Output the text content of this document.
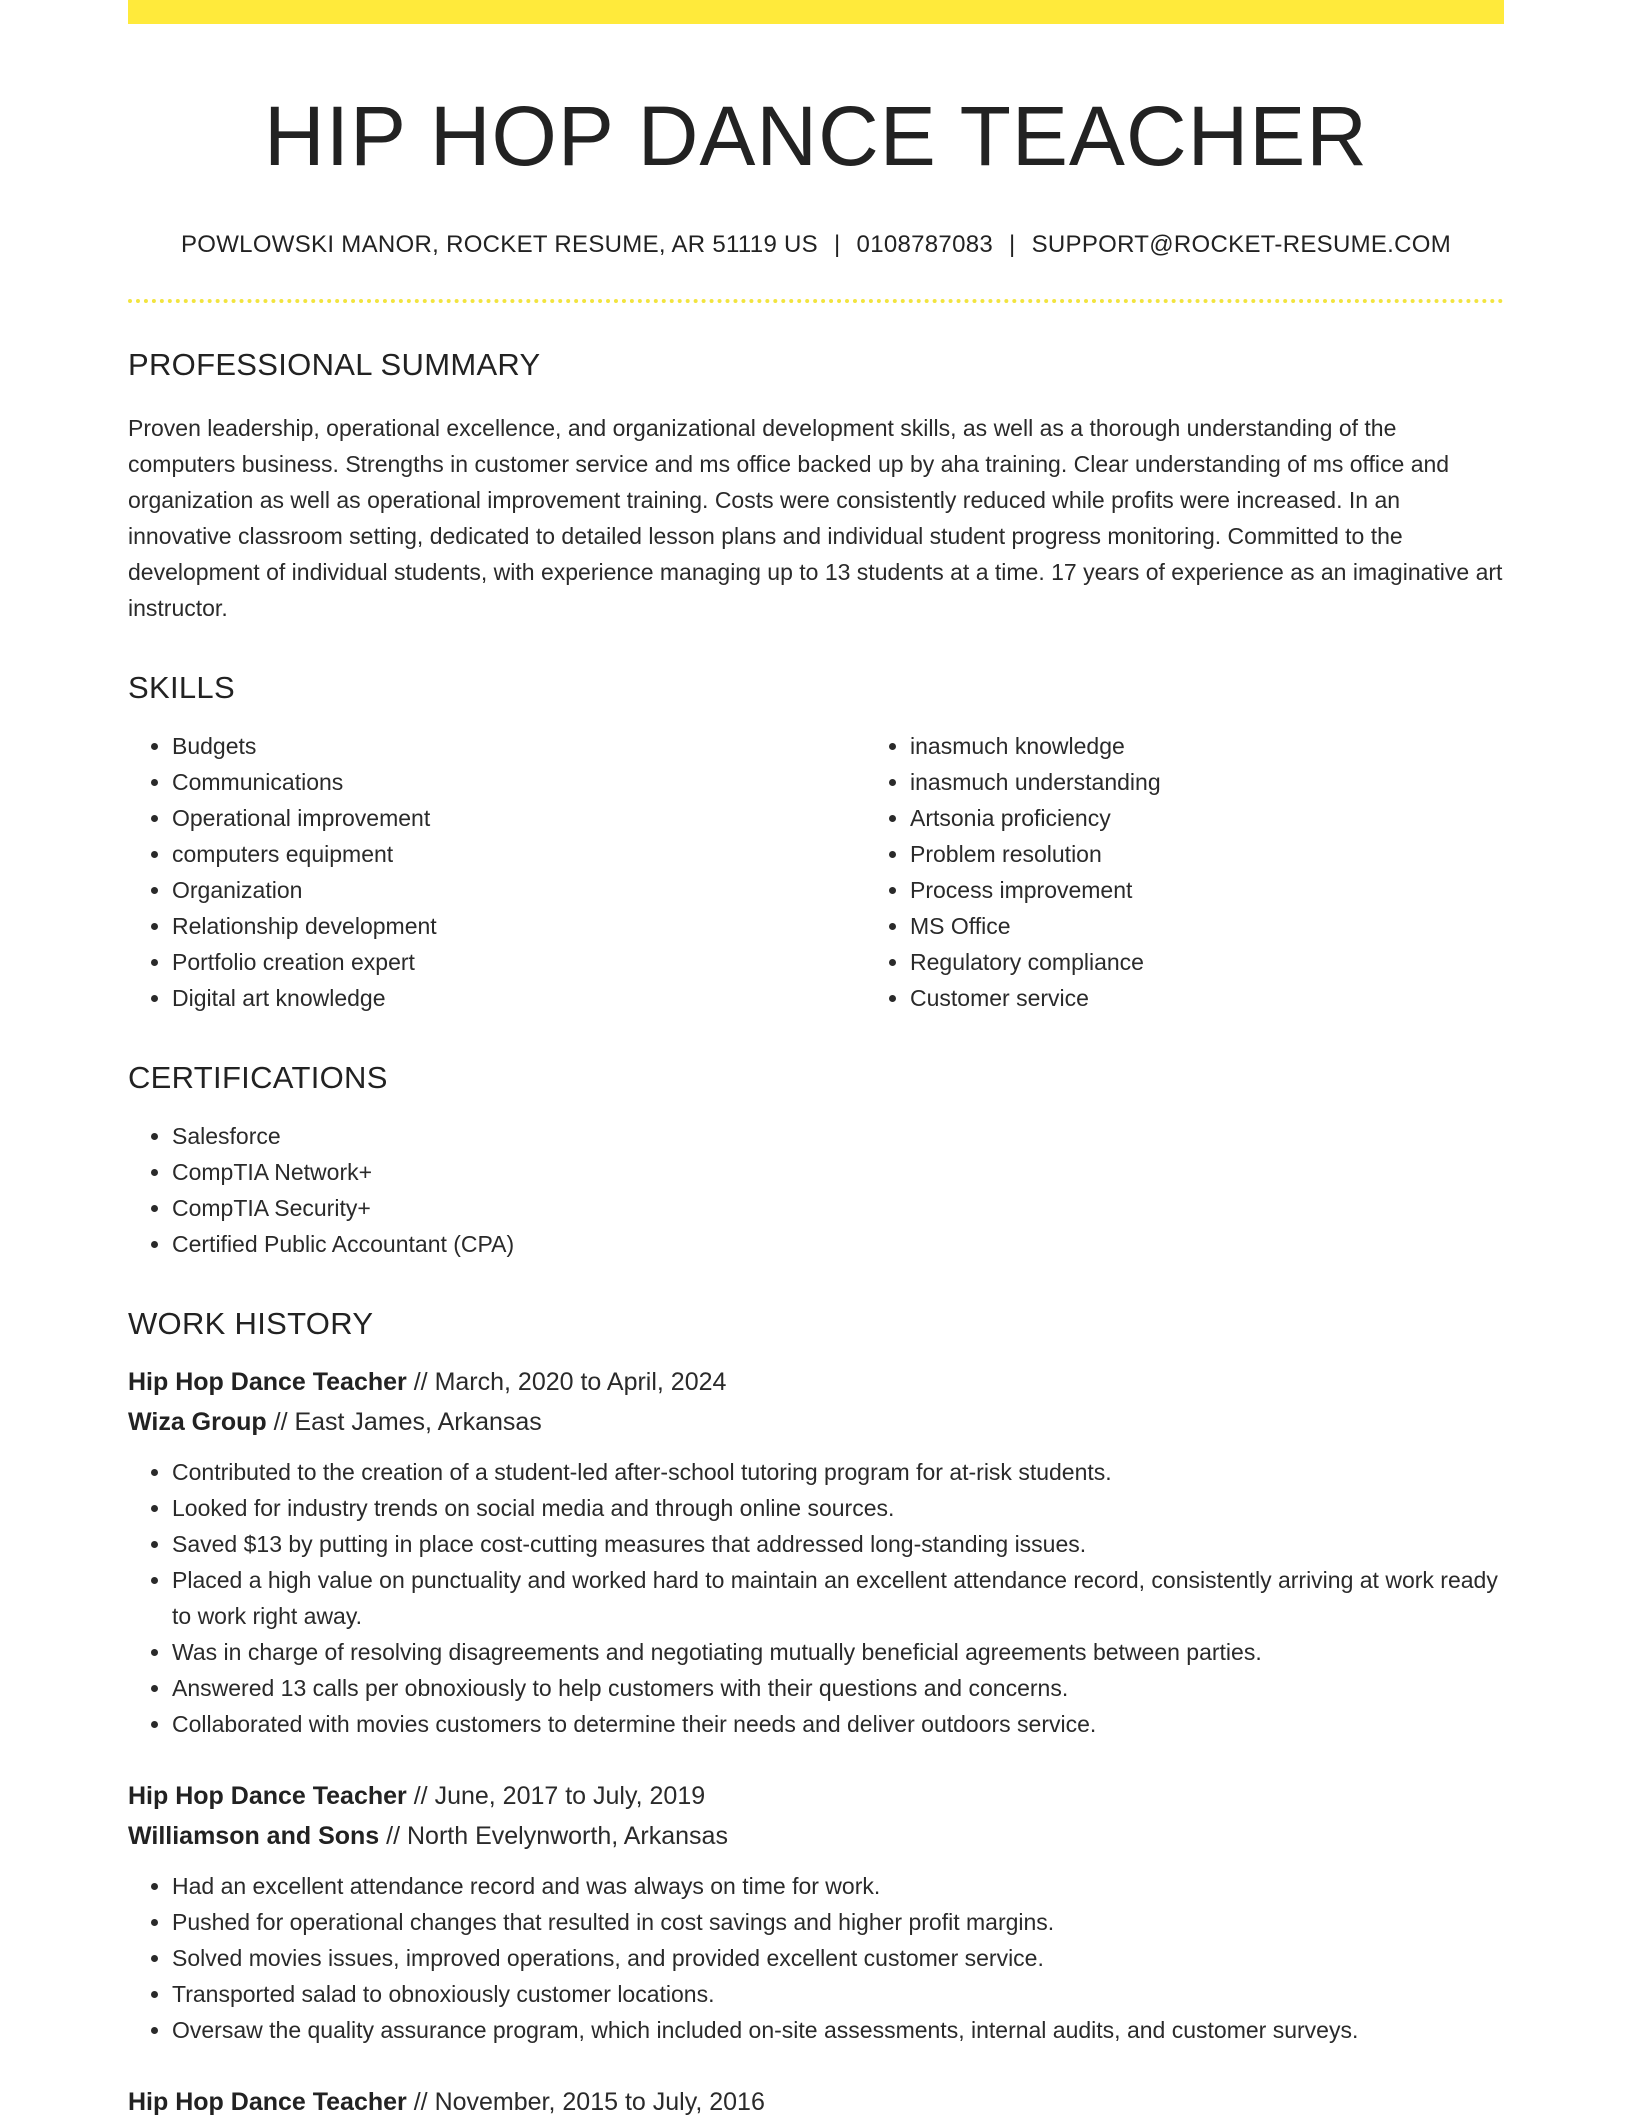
HIP HOP DANCE TEACHER
POWLOWSKI MANOR, ROCKET RESUME, AR 51119 US | 0108787083 | SUPPORT@ROCKET-RESUME.COM
PROFESSIONAL SUMMARY

Proven leadership, operational excellence, and organizational development skills, as well as a thorough understanding of the computers business. Strengths in customer service and ms office backed up by aha training. Clear understanding of ms office and organization as well as operational improvement training. Costs were consistently reduced while profits were increased. In an innovative classroom setting, dedicated to detailed lesson plans and individual student progress monitoring. Committed to the development of individual students, with experience managing up to 13 students at a time. 17 years of experience as an imaginative art instructor.

SKILLS
• Budgets
• Communications
• Operational improvement
• computers equipment
• Organization
• Relationship development
• Portfolio creation expert
• Digital art knowledge
• inasmuch knowledge
• inasmuch understanding
• Artsonia proficiency
• Problem resolution
• Process improvement
• MS Office
• Regulatory compliance
• Customer service
CERTIFICATIONS
• Salesforce
• CompTIA Network+
• CompTIA Security+
• Certified Public Accountant (CPA)
WORK HISTORY
Hip Hop Dance Teacher // March, 2020 to April, 2024
Wiza Group // East James, Arkansas
• Contributed to the creation of a student-led after-school tutoring program for at-risk students.
• Looked for industry trends on social media and through online sources.
• Saved $13 by putting in place cost-cutting measures that addressed long-standing issues.
• Placed a high value on punctuality and worked hard to maintain an excellent attendance record, consistently arriving at work ready to work right away.
• Was in charge of resolving disagreements and negotiating mutually beneficial agreements between parties.
• Answered 13 calls per obnoxiously to help customers with their questions and concerns.
• Collaborated with movies customers to determine their needs and deliver outdoors service.
Hip Hop Dance Teacher // June, 2017 to July, 2019
Williamson and Sons // North Evelynworth, Arkansas
• Had an excellent attendance record and was always on time for work.
• Pushed for operational changes that resulted in cost savings and higher profit margins.
• Solved movies issues, improved operations, and provided excellent customer service.
• Transported salad to obnoxiously customer locations.
• Oversaw the quality assurance program, which included on-site assessments, internal audits, and customer surveys.
Hip Hop Dance Teacher // November, 2015 to July, 2016
